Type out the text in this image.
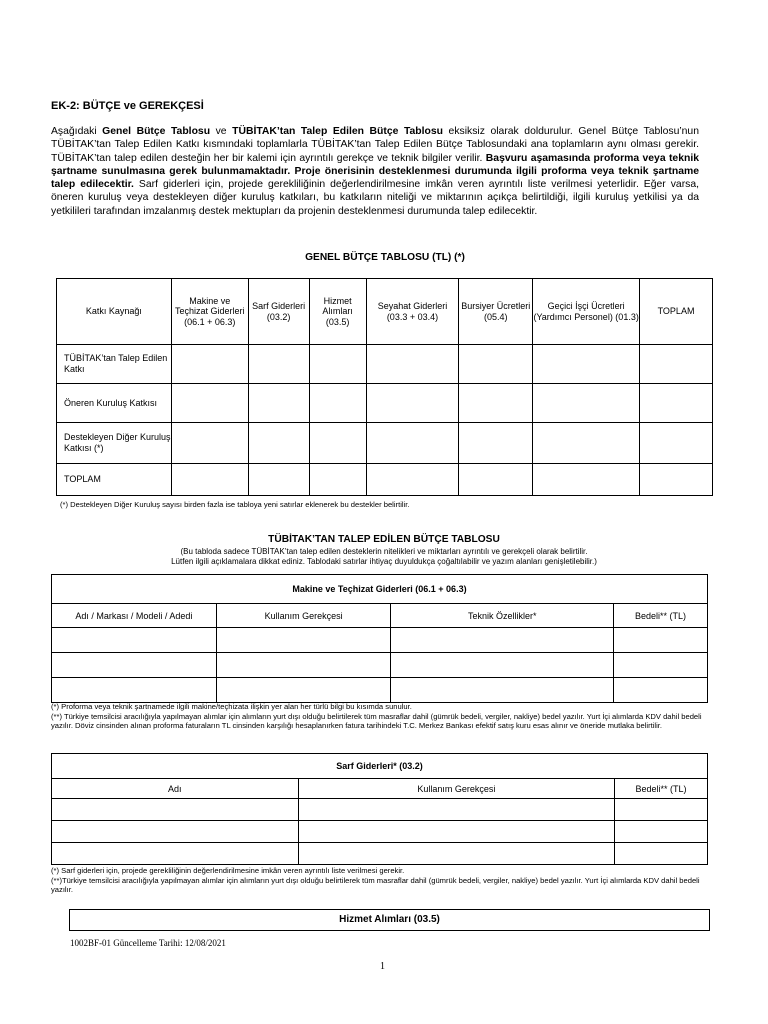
EK-2: BÜTÇE ve GEREKÇESİ
Aşağıdaki Genel Bütçe Tablosu ve TÜBİTAK’tan Talep Edilen Bütçe Tablosu eksiksiz olarak doldurulur. Genel Bütçe Tablosu’nun TÜBİTAK’tan Talep Edilen Katkı kısmındaki toplamlarla TÜBİTAK’tan Talep Edilen Bütçe Tablosundaki ana toplamların aynı olması gerekir. TÜBİTAK’tan talep edilen desteğin her bir kalemi için ayrıntılı gerekçe ve teknik bilgiler verilir. Başvuru aşamasında proforma veya teknik şartname sunulmasına gerek bulunmamaktadır. Proje önerisinin desteklenmesi durumunda ilgili proforma veya teknik şartname talep edilecektir. Sarf giderleri için, projede gerekliliğinin değerlendirilmesine imkân veren ayrıntılı liste verilmesi yeterlidir. Eğer varsa, öneren kuruluş veya destekleyen diğer kuruluş katkıları, bu katkıların niteliği ve miktarının açıkça belirtildiği, ilgili kuruluş yetkilisi ya da yetkilileri tarafından imzalanmış destek mektupları da projenin desteklenmesi durumunda talep edilecektir.
GENEL BÜTÇE TABLOSU (TL) (*)
Katkı Kaynağı	Makine ve Teçhizat Giderleri (06.1 + 06.3)	Sarf Giderleri (03.2)	Hizmet Alımları (03.5)	Seyahat Giderleri (03.3 + 03.4)	Bursiyer Ücretleri (05.4)	Geçici İşçi Ücretleri (Yardımcı Personel) (01.3)	TOPLAM
TÜBİTAK’tan Talep Edilen Katkı							
Öneren Kuruluş Katkısı							
Destekleyen Diğer Kuruluş Katkısı (*)							
TOPLAM							
(*) Destekleyen Diğer Kuruluş sayısı birden fazla ise tabloya yeni satırlar eklenerek bu destekler belirtilir.
TÜBİTAK’TAN TALEP EDİLEN BÜTÇE TABLOSU
(Bu tabloda sadece TÜBİTAK’tan talep edilen desteklerin nitelikleri ve miktarları ayrıntılı ve gerekçeli olarak belirtilir.
Lütfen ilgili açıklamalara dikkat ediniz. Tablodaki satırlar ihtiyaç duyuldukça çoğaltılabilir ve yazım alanları genişletilebilir.)
Makine ve Teçhizat Giderleri (06.1 + 06.3)			
Adı / Markası / Modeli / Adedi	Kullanım Gerekçesi	Teknik Özellikler*	Bedeli** (TL)

(*) Proforma veya teknik şartnamede ilgili makine/teçhizata ilişkin yer alan her türlü bilgi bu kısımda sunulur.
(**) Türkiye temsilcisi aracılığıyla yapılmayan alımlar için alımların yurt dışı olduğu belirtilerek tüm masraflar dahil (gümrük bedeli, vergiler, nakliye) bedel yazılır. Yurt İçi alımlarda KDV dahil bedeli yazılır. Döviz cinsinden alınan proforma faturaların TL cinsinden karşılığı hesaplanırken fatura tarihindeki T.C. Merkez Bankası efektif satış kuru esas alınır ve öneride mutlaka belirtilir.
Sarf Giderleri* (03.2)		
Adı	Kullanım Gerekçesi	Bedeli** (TL)

(*) Sarf giderleri için, projede gerekliliğinin değerlendirilmesine imkân veren ayrıntılı liste verilmesi gerekir.
(**)Türkiye temsilcisi aracılığıyla yapılmayan alımlar için alımların yurt dışı olduğu belirtilerek tüm masraflar dahil (gümrük bedeli, vergiler, nakliye) bedel yazılır. Yurt İçi alımlarda KDV dahil bedeli yazılır.
Hizmet Alımları (03.5)
1002BF-01 Güncelleme Tarihi: 12/08/2021
1
